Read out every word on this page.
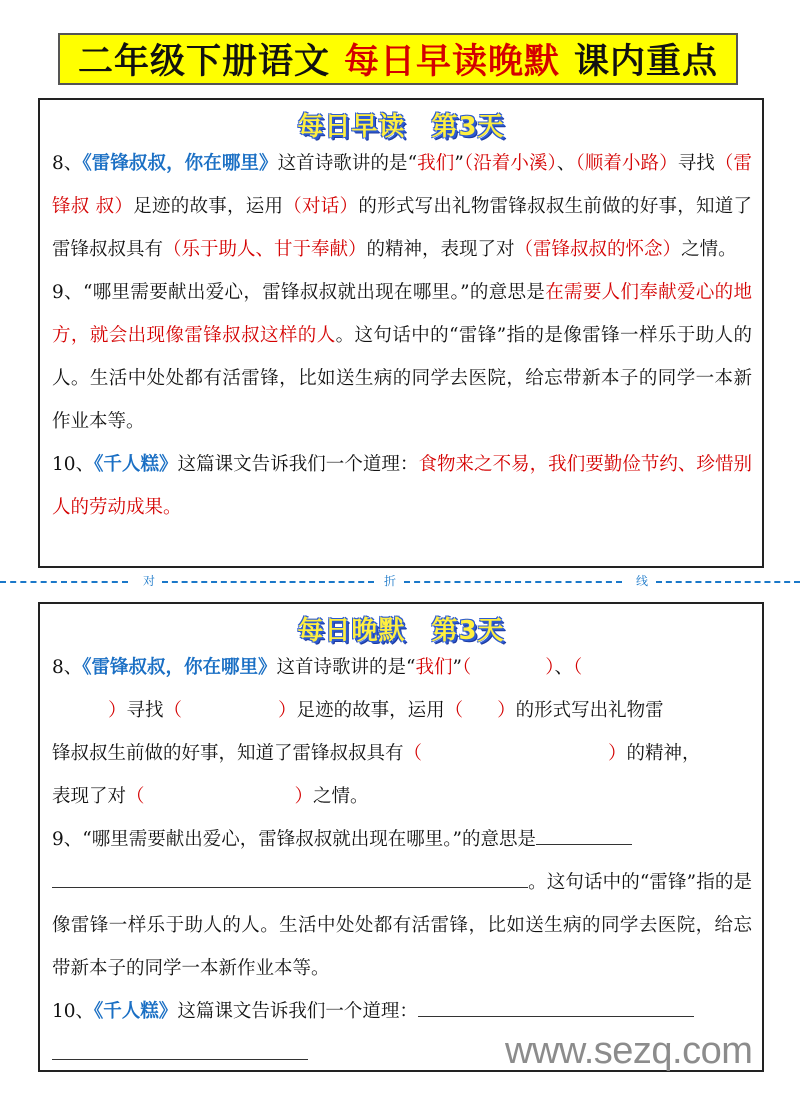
二年级下册语文 每日早读晚默 课内重点
每日早读 第3天
8、《雷锋叔叔，你在哪里》这首诗歌讲的是“我们”（沿着小溪）、（顺着小路）寻找（雷锋叔 叔）足迹的故事，运用（对话）的形式写出礼物雷锋叔叔生前做的好事，知道了雷锋叔叔具有（乐于助人、甘于奉献）的精神，表现了对（雷锋叔叔的怀念）之情。
9、“哪里需要献出爱心，雷锋叔叔就出现在哪里。”的意思是在需要人们奉献爱心的地方，就会出现像雷锋叔叔这样的人。这句话中的“雷锋”指的是像雷锋一样乐于助人的人。生活中处处都有活雷锋，比如送生病的同学去医院，给忘带新本子的同学一本新作业本等。
10、《千人糕》这篇课文告诉我们一个道理：食物来之不易，我们要勤俭节约、珍惜别人的劳动成果。
对	折	线
每日晚默 第3天
8、《雷锋叔叔，你在哪里》这首诗歌讲的是“我们”（	）、（
）寻找（	）足迹的故事，运用（ ）的形式写出礼物雷
锋叔叔生前做的好事，知道了雷锋叔叔具有（	）的精神，
表现了对（	）之情。
9、“哪里需要献出爱心，雷锋叔叔就出现在哪里。”的意思是
。这句话中的“雷锋”指的是像雷锋一样乐于助人的人。生活中处处都有活雷锋，比如送生病的同学去医院，给忘带新本子的同学一本新作业本等。
10、《千人糕》这篇课文告诉我们一个道理：

www.sezq.com
